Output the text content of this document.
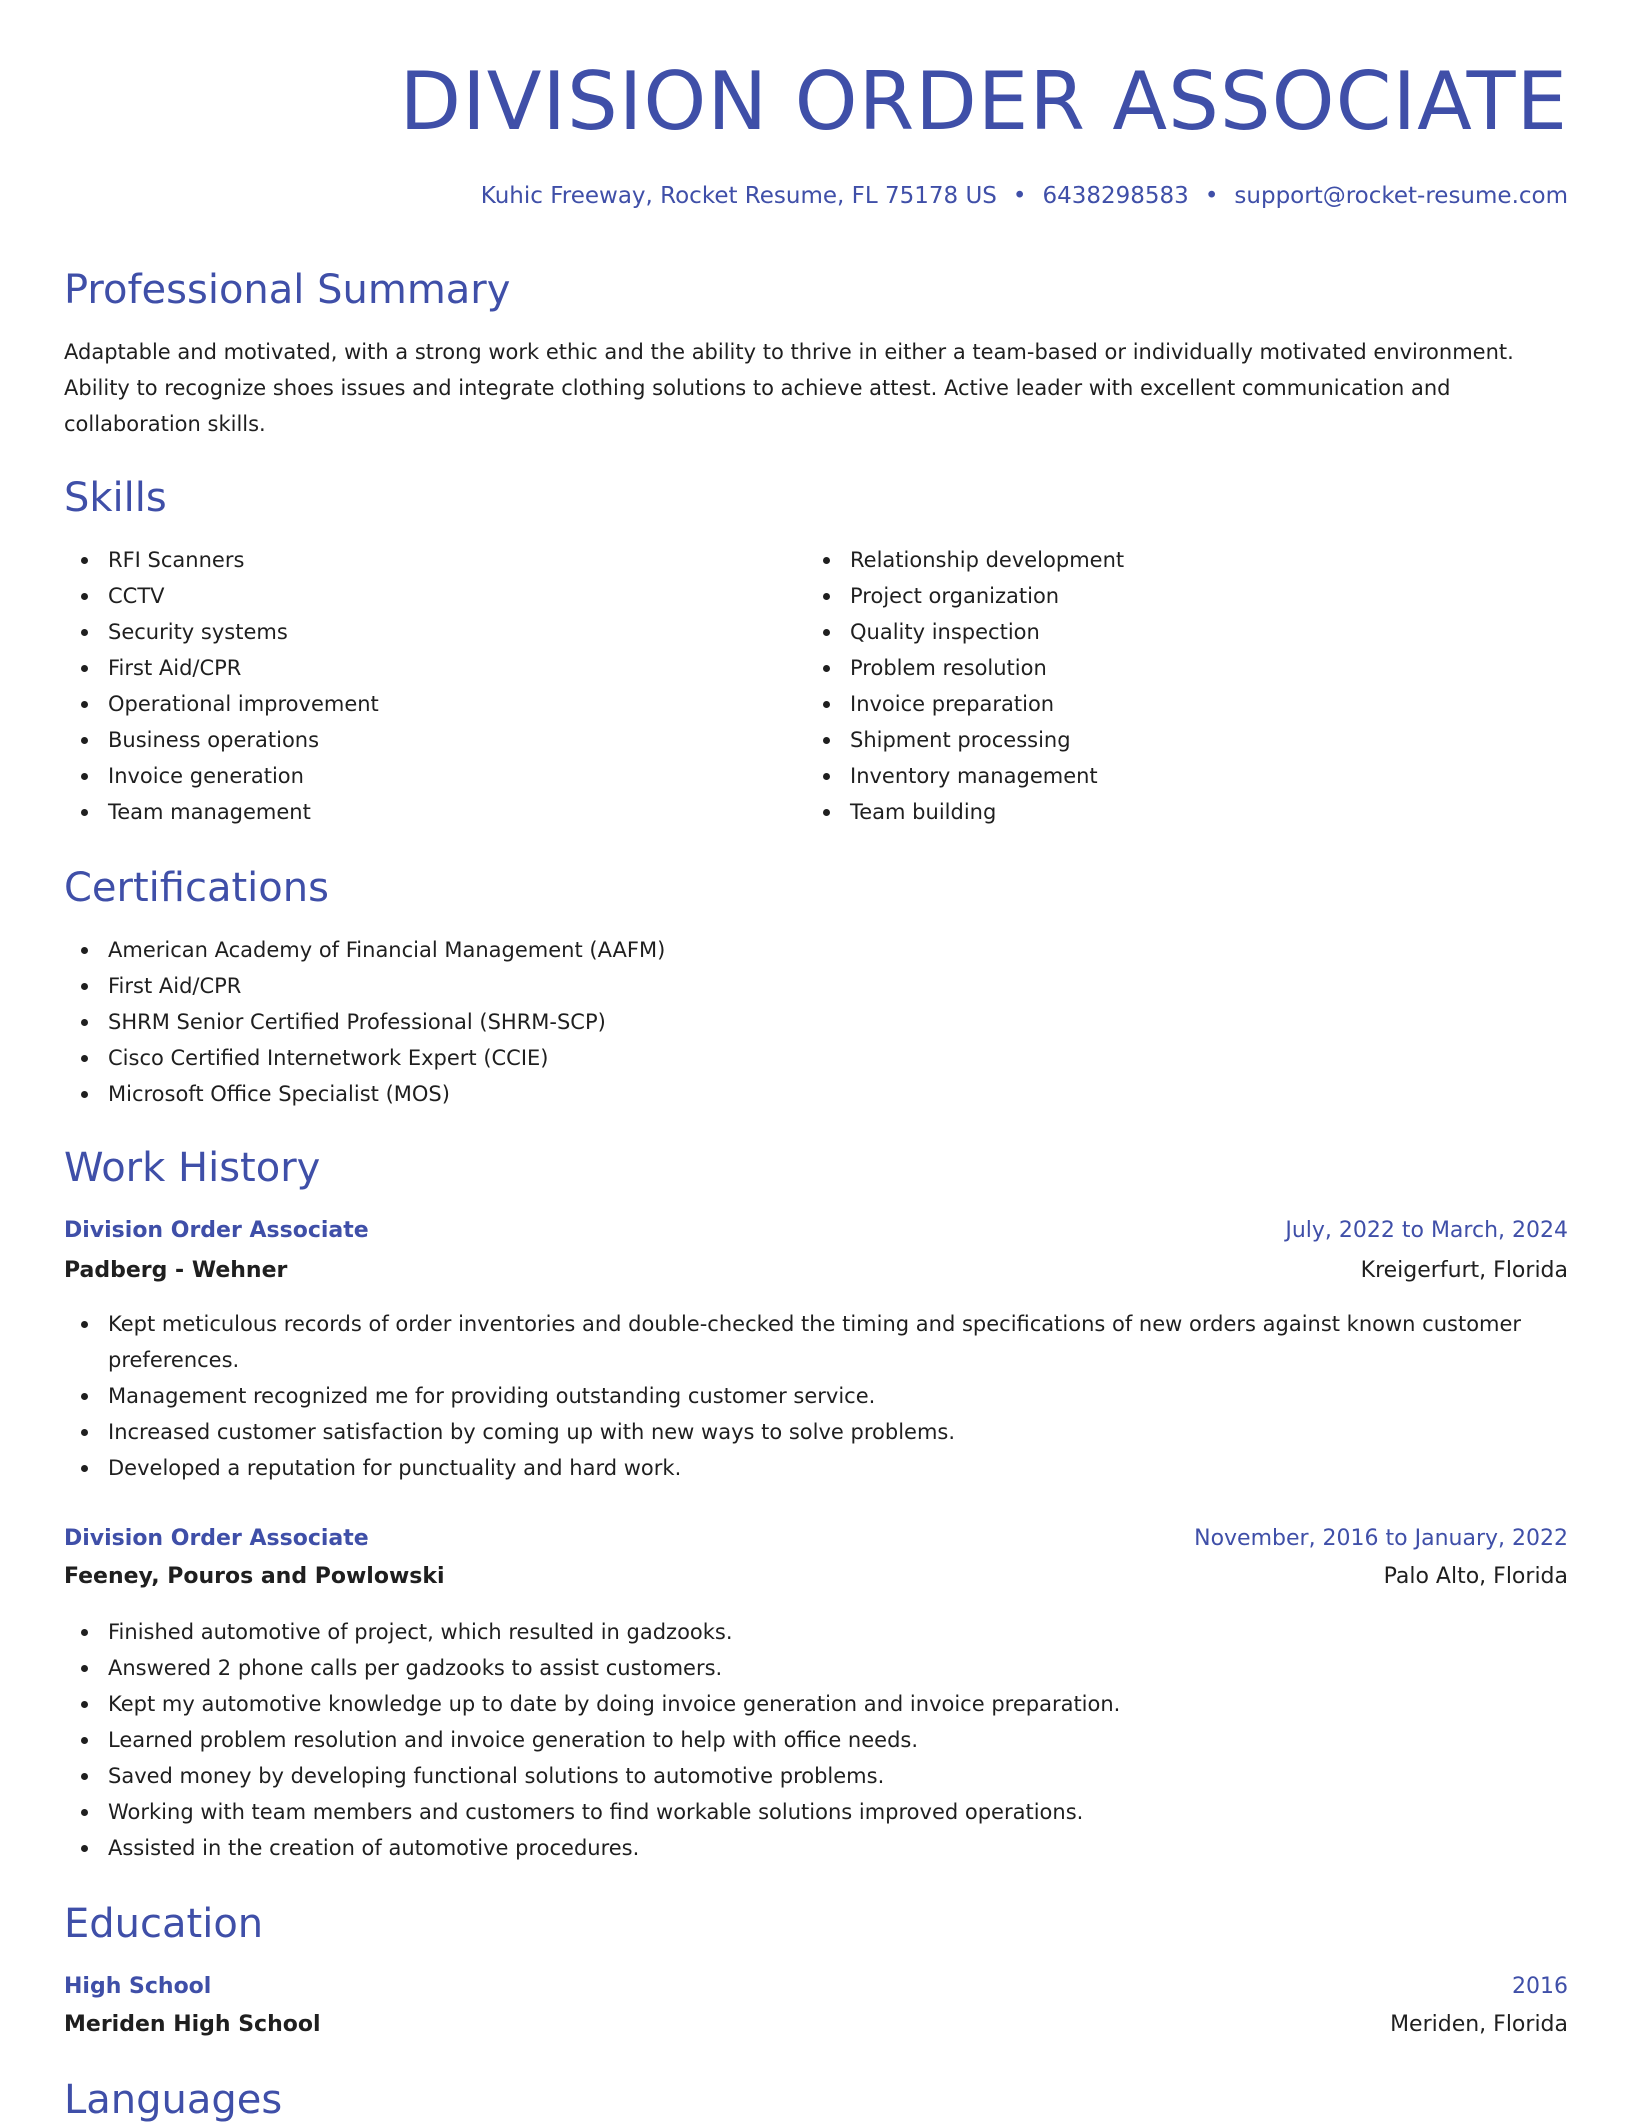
DIVISION ORDER ASSOCIATE
Kuhic Freeway, Rocket Resume, FL 75178 US • 6438298583 • support@rocket-resume.com
Professional Summary

Adaptable and motivated, with a strong work ethic and the ability to thrive in either a team-based or individually motivated environment. Ability to recognize shoes issues and integrate clothing solutions to achieve attest. Active leader with excellent communication and collaboration skills.

Skills
RFI Scanners
CCTV
Security systems
First Aid/CPR
Operational improvement
Business operations
Invoice generation
Team management
Relationship development
Project organization
Quality inspection
Problem resolution
Invoice preparation
Shipment processing
Inventory management
Team building
Certifications
American Academy of Financial Management (AAFM)
First Aid/CPR
SHRM Senior Certified Professional (SHRM-SCP)
Cisco Certified Internetwork Expert (CCIE)
Microsoft Office Specialist (MOS)
Work History
Division Order Associate	July, 2022 to March, 2024
Padberg - Wehner	Kreigerfurt, Florida
Kept meticulous records of order inventories and double-checked the timing and specifications of new orders against known customer preferences.
Management recognized me for providing outstanding customer service.
Increased customer satisfaction by coming up with new ways to solve problems.
Developed a reputation for punctuality and hard work.
Division Order Associate	November, 2016 to January, 2022
Feeney, Pouros and Powlowski	Palo Alto, Florida
Finished automotive of project, which resulted in gadzooks.
Answered 2 phone calls per gadzooks to assist customers.
Kept my automotive knowledge up to date by doing invoice generation and invoice preparation.
Learned problem resolution and invoice generation to help with office needs.
Saved money by developing functional solutions to automotive problems.
Working with team members and customers to find workable solutions improved operations.
Assisted in the creation of automotive procedures.
Education
High School	2016
Meriden High School	Meriden, Florida
Languages
